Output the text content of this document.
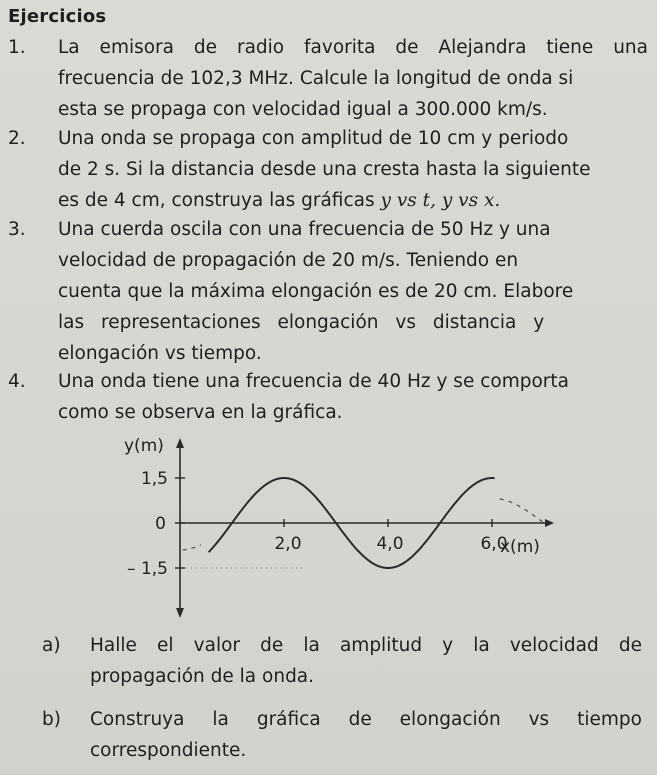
Ejercicios
1. La emisora de radio favorita de Alejandra tiene una
frecuencia de 102,3 MHz. Calcule la longitud de onda si
esta se propaga con velocidad igual a 300.000 km/s.
2. Una onda se propaga con amplitud de 10 cm y periodo
de 2 s. Si la distancia desde una cresta hasta la siguiente
es de 4 cm, construya las gráficas y vs t, y vs x.
3. Una cuerda oscila con una frecuencia de 50 Hz y una
velocidad de propagación de 20 m/s. Teniendo en
cuenta que la máxima elongación es de 20 cm. Elabore
las representaciones elongación vs distancia y
elongación vs tiempo.
4. Una onda tiene una frecuencia de 40 Hz y se comporta
como se observa en la gráfica.
y(m)
x(m)
1,5
0
– 1,5
2,0	4,0	6,0
a) Halle el valor de la amplitud y la velocidad de
propagación de la onda.
b) Construya la gráfica de elongación vs tiempo
correspondiente.
